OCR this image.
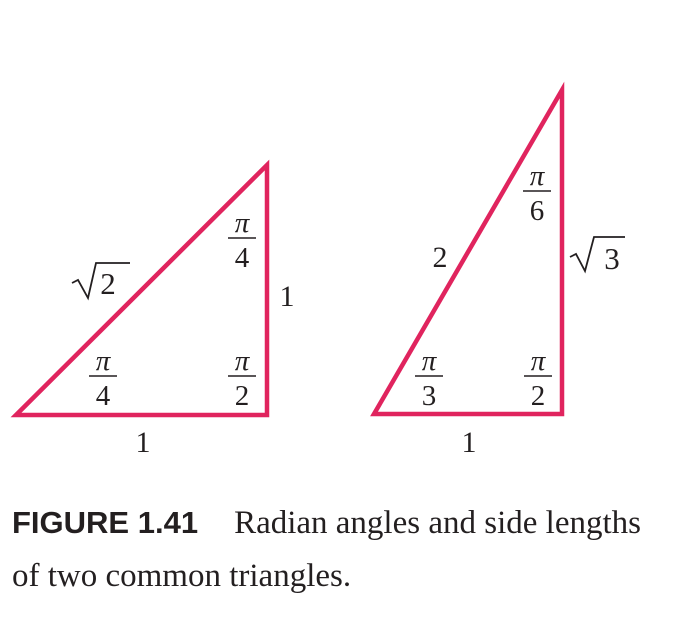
2	1
1
π
4
π
4
π
2
2	3
1
π
6
π
3
π
2
FIGURE 1.41 Radian angles and side lengths of two common triangles.
